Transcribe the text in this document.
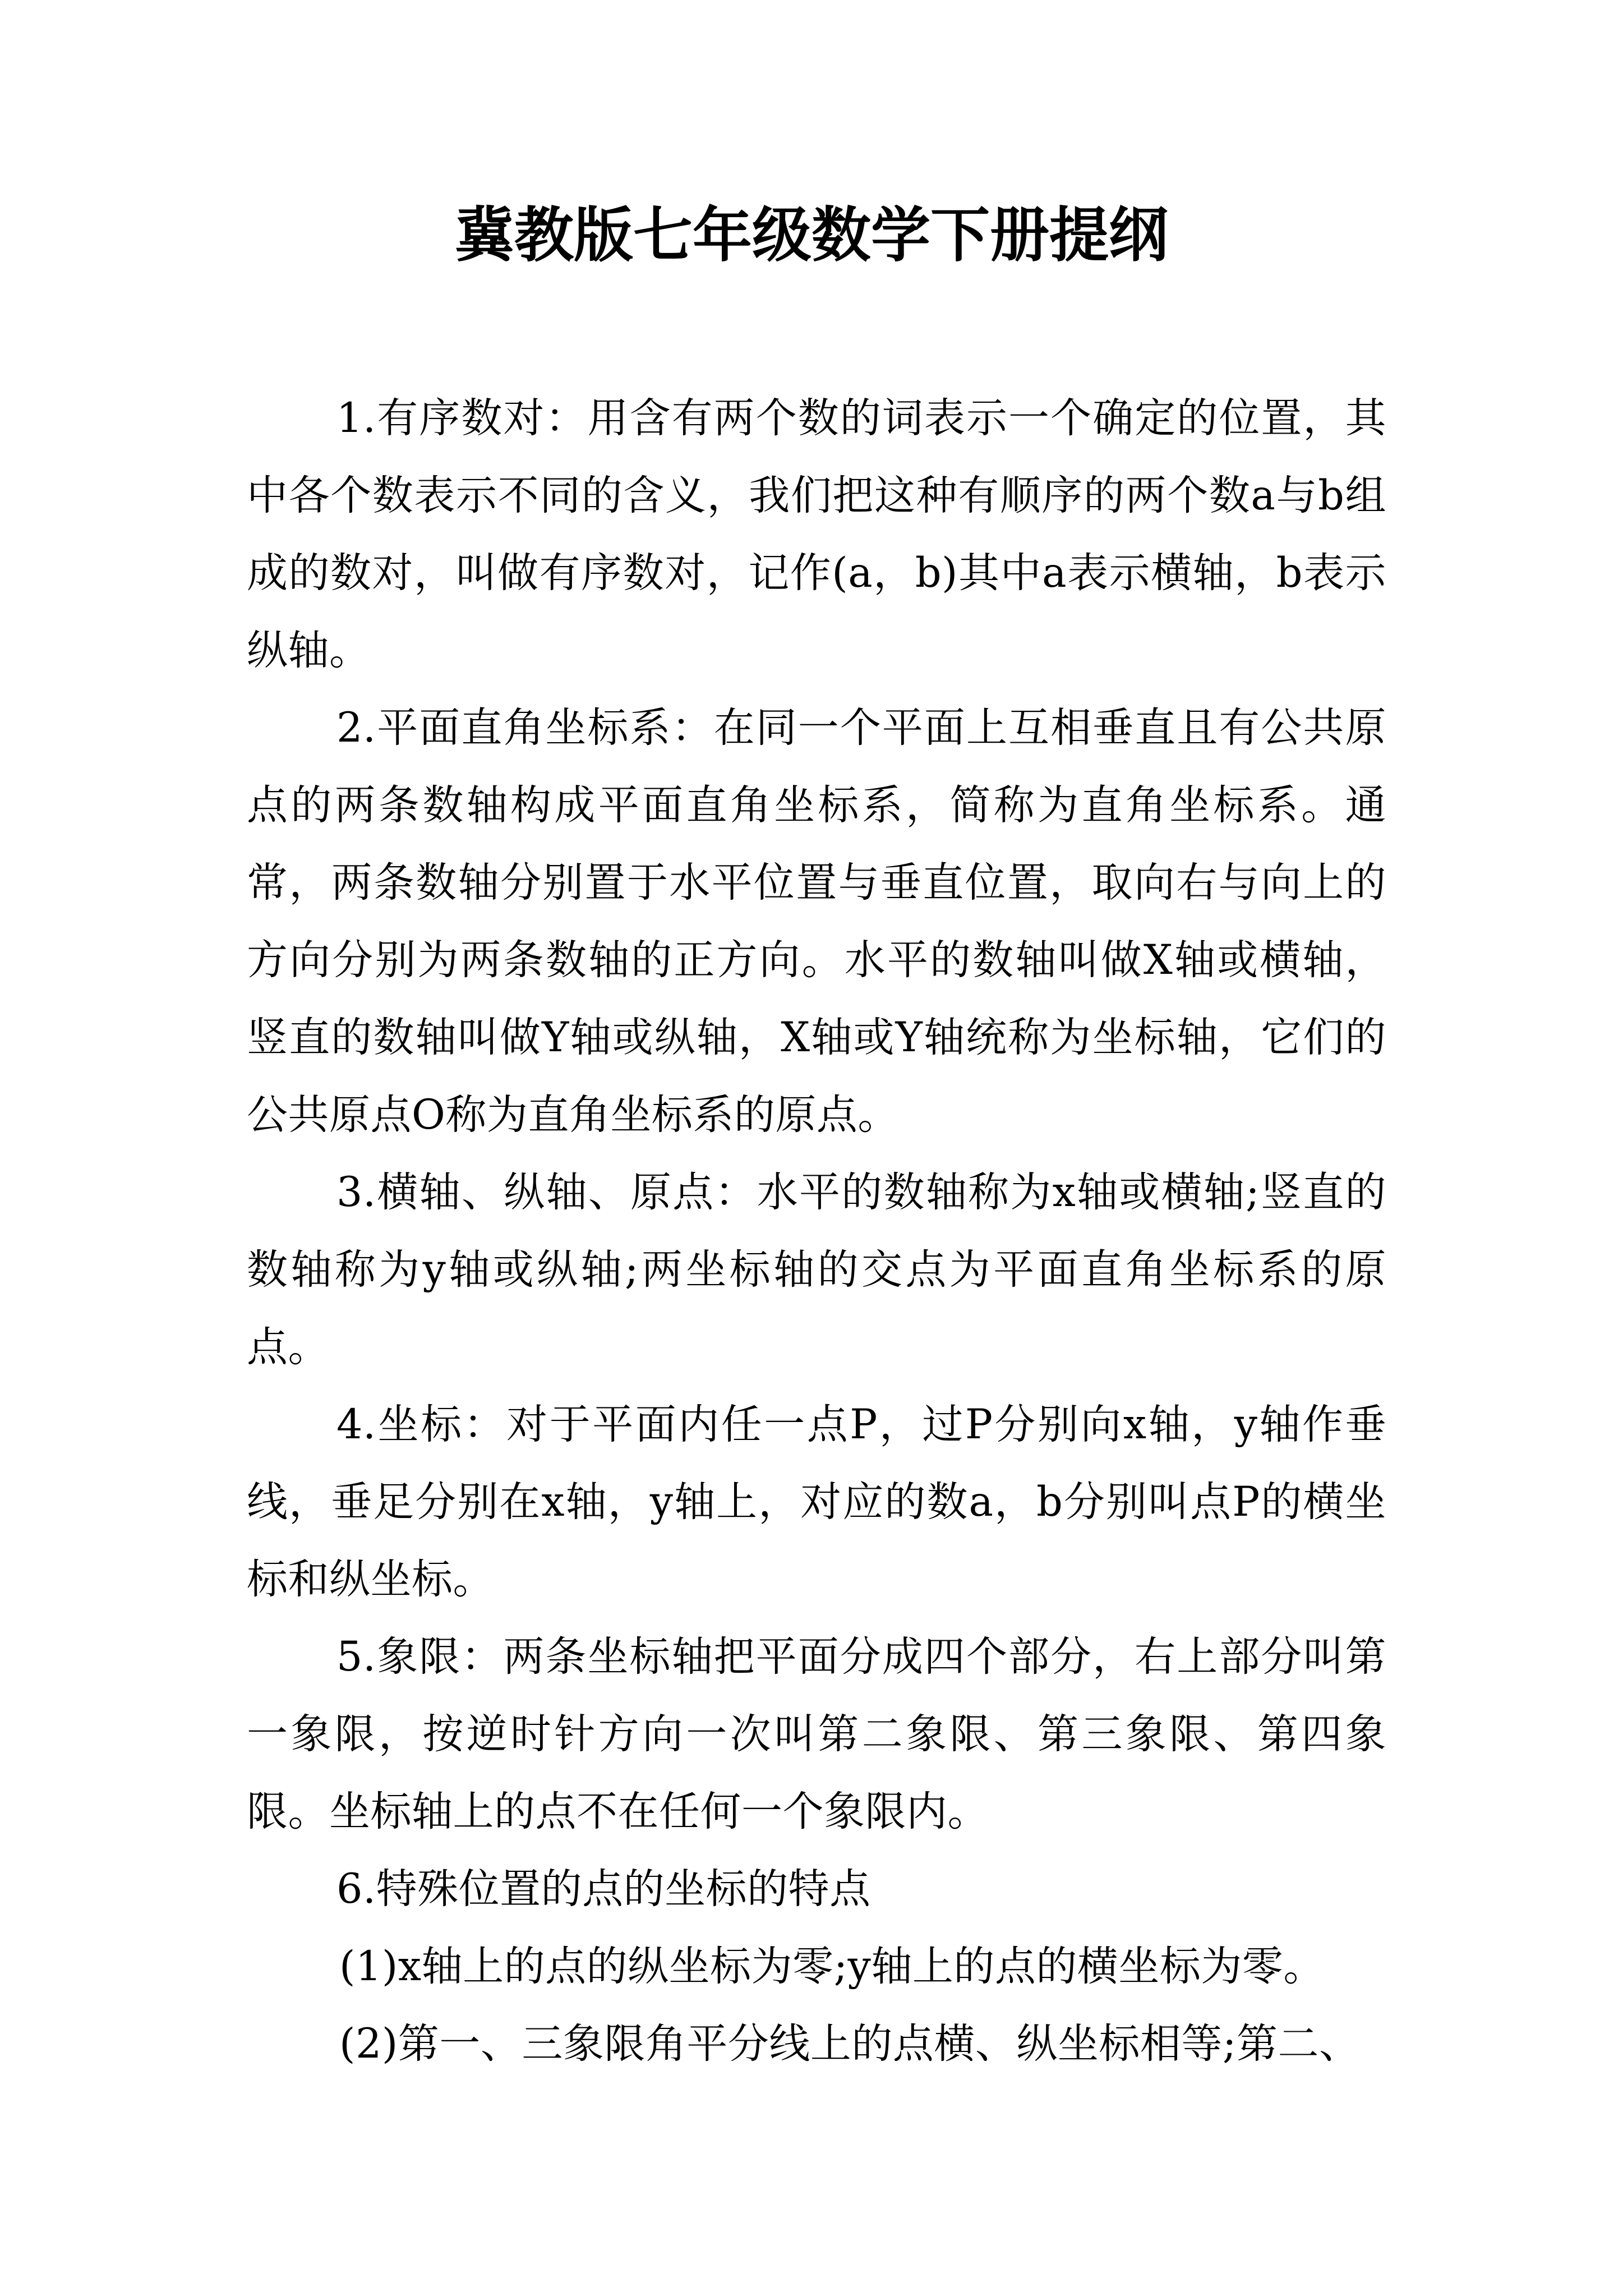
冀教版七年级数学下册提纲

1.有序数对：用含有两个数的词表示一个确定的位置，其中各个数表示不同的含义，我们把这种有顺序的两个数a与b组成的数对，叫做有序数对，记作(a，b)其中a表示横轴，b表示纵轴。

2.平面直角坐标系：在同一个平面上互相垂直且有公共原点的两条数轴构成平面直角坐标系，简称为直角坐标系。通常，两条数轴分别置于水平位置与垂直位置，取向右与向上的方向分别为两条数轴的正方向。水平的数轴叫做X轴或横轴，竖直的数轴叫做Y轴或纵轴，X轴或Y轴统称为坐标轴，它们的公共原点O称为直角坐标系的原点。

3.横轴、纵轴、原点：水平的数轴称为x轴或横轴;竖直的数轴称为y轴或纵轴;两坐标轴的交点为平面直角坐标系的原点。

4.坐标：对于平面内任一点P，过P分别向x轴，y轴作垂线，垂足分别在x轴，y轴上，对应的数a，b分别叫点P的横坐标和纵坐标。

5.象限：两条坐标轴把平面分成四个部分，右上部分叫第一象限，按逆时针方向一次叫第二象限、第三象限、第四象限。坐标轴上的点不在任何一个象限内。

6.特殊位置的点的坐标的特点

(1)x轴上的点的纵坐标为零;y轴上的点的横坐标为零。

(2)第一、三象限角平分线上的点横、纵坐标相等;第二、
